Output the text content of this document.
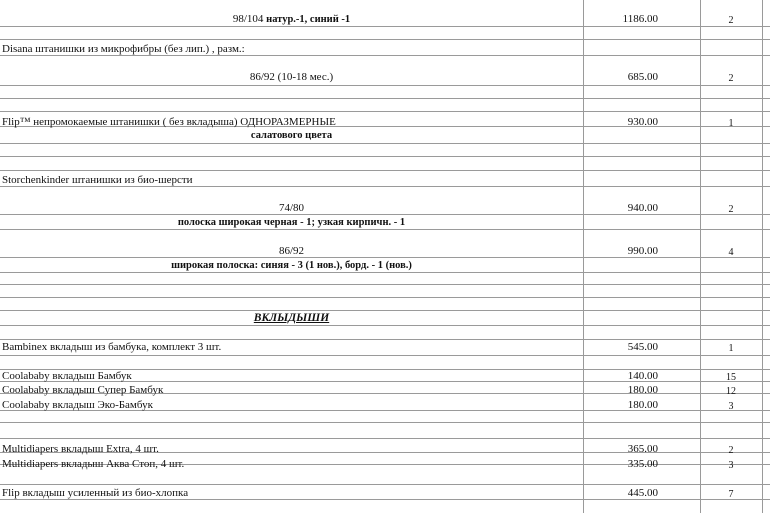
98/104 натур.-1, синий -1	1186.00	2
Disana штанишки из микрофибры (без лип.) , разм.:
86/92 (10-18 мес.)	685.00	2
Flip™ непромокаемые штанишки ( без вкладыша) ОДНОРАЗМЕРНЫЕ	930.00	1
салатового цвета
Storchenkinder штанишки из био-шерсти
74/80	940.00	2
полоска широкая черная - 1; узкая кирпичн. - 1
86/92	990.00	4
широкая полоска: синяя - 3 (1 нов.), борд. - 1 (нов.)
ВКЛЫДЫШИ
Bambinex вкладыш из бамбука, комплект 3 шт.	545.00	1
Coolababy вкладыш Бамбук	140.00	15
Coolababy вкладыш Супер Бамбук	180.00	12
Coolababy вкладыш Эко-Бамбук	180.00	3
Multidiapers вкладыш Extra, 4 шт.	365.00	2
Multidiapers вкладыш Аква Стоп, 4 шт.	335.00	3
Flip вкладыш усиленный из био-хлопка	445.00	7
